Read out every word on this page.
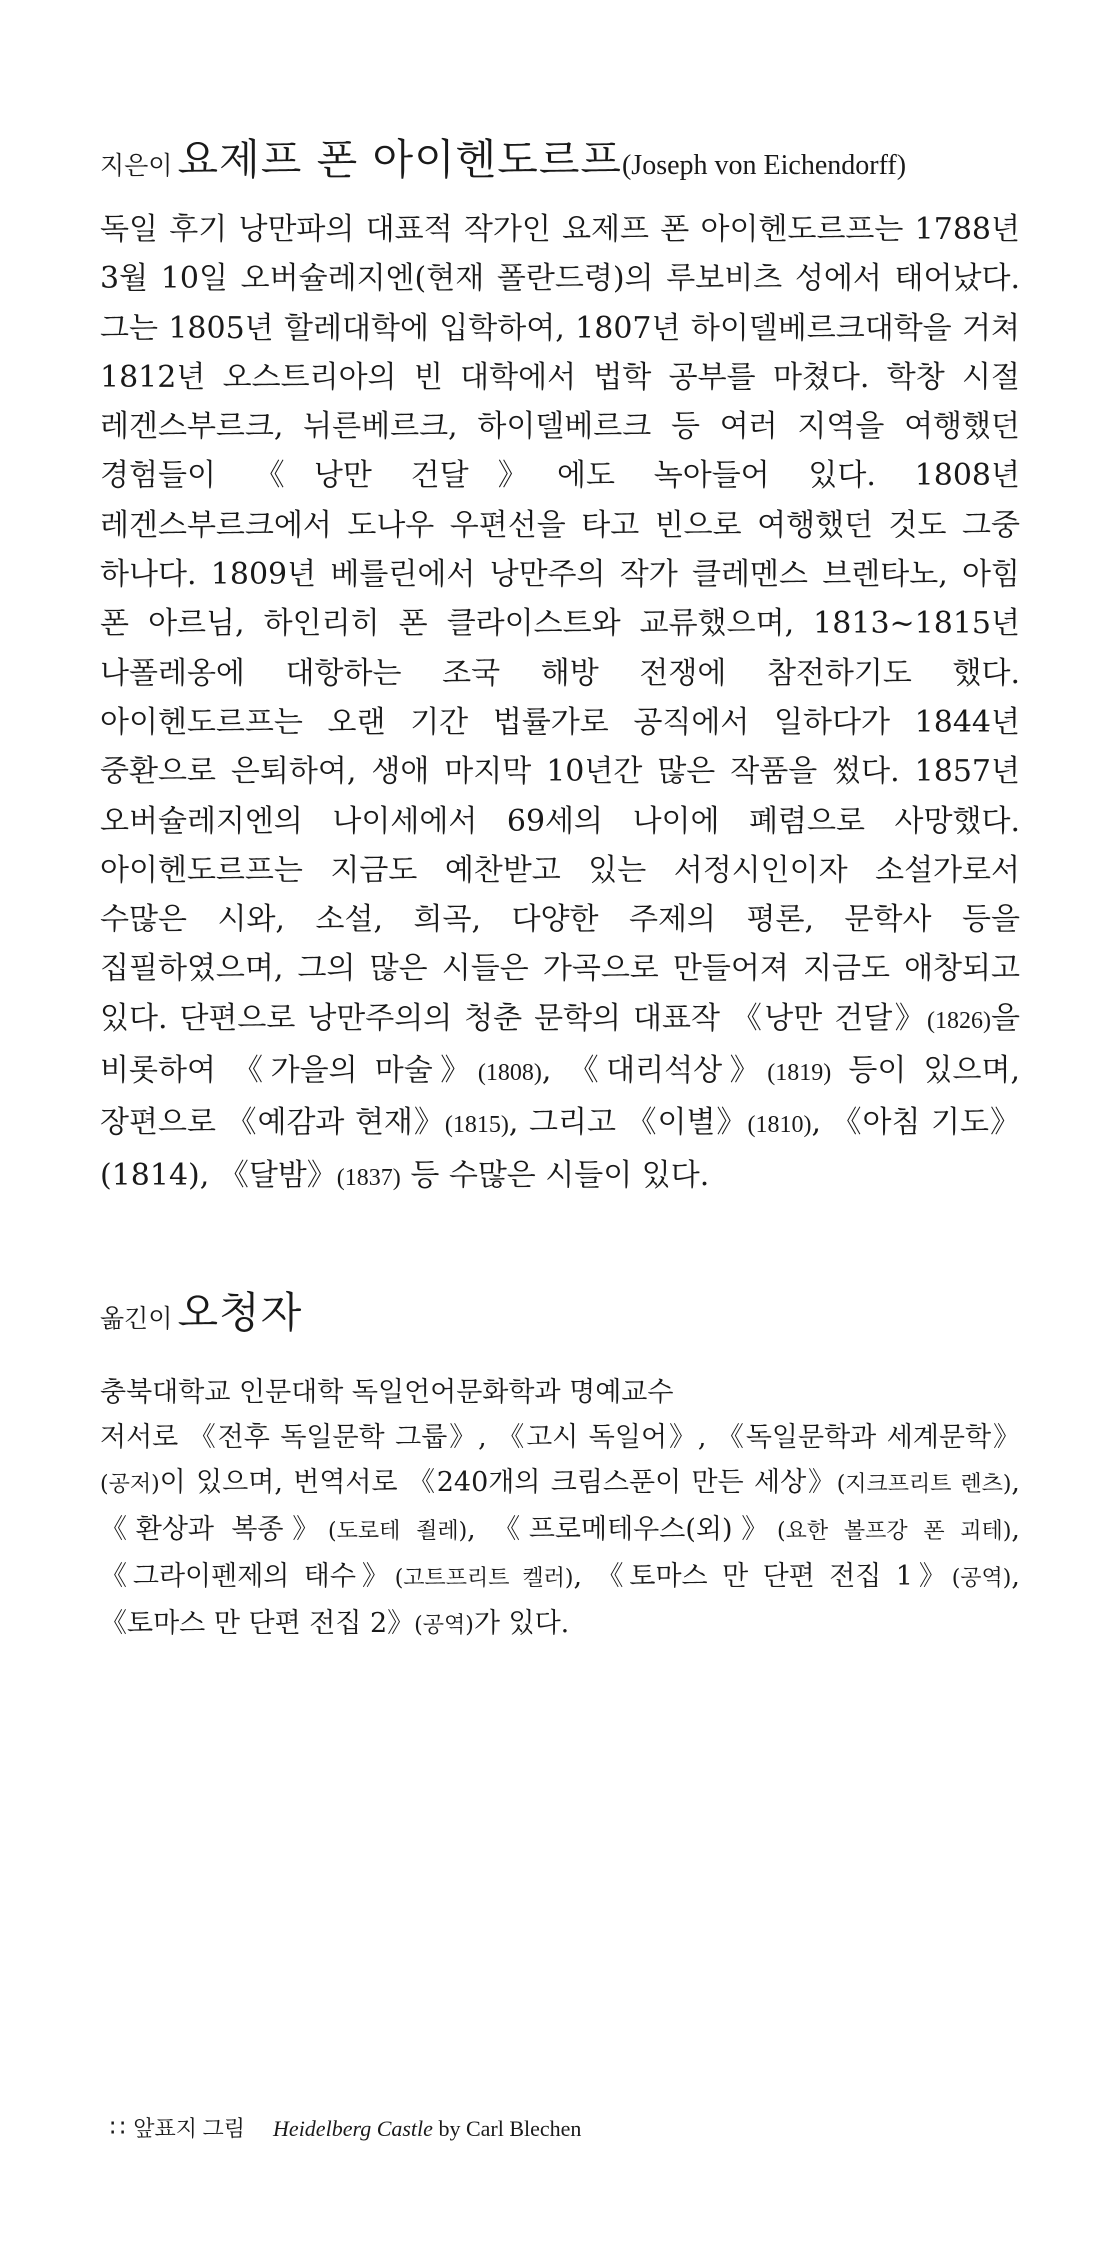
지은이 요제프 폰 아이헨도르프(Joseph von Eichendorff)

독일 후기 낭만파의 대표적 작가인 요제프 폰 아이헨도르프는 1788년 3월 10일 오버슐레지엔(현재 폴란드령)의 루보비츠 성에서 태어났다. 그는 1805년 할레대학에 입학하여, 1807년 하이델베르크대학을 거쳐 1812년 오스트리아의 빈 대학에서 법학 공부를 마쳤다. 학창 시절 레겐스부르크, 뉘른베르크, 하이델베르크 등 여러 지역을 여행했던 경험들이 《낭만 건달》에도 녹아들어 있다. 1808년 레겐스부르크에서 도나우 우편선을 타고 빈으로 여행했던 것도 그중 하나다. 1809년 베를린에서 낭만주의 작가 클레멘스 브렌타노, 아힘 폰 아르님, 하인리히 폰 클라이스트와 교류했으며, 1813~1815년 나폴레옹에 대항하는 조국 해방 전쟁에 참전하기도 했다. 아이헨도르프는 오랜 기간 법률가로 공직에서 일하다가 1844년 중환으로 은퇴하여, 생애 마지막 10년간 많은 작품을 썼다. 1857년 오버슐레지엔의 나이세에서 69세의 나이에 폐렴으로 사망했다. 아이헨도르프는 지금도 예찬받고 있는 서정시인이자 소설가로서 수많은 시와, 소설, 희곡, 다양한 주제의 평론, 문학사 등을 집필하였으며, 그의 많은 시들은 가곡으로 만들어져 지금도 애창되고 있다. 단편으로 낭만주의의 청춘 문학의 대표작 《낭만 건달》(1826)을 비롯하여 《가을의 마술》(1808), 《대리석상》(1819) 등이 있으며, 장편으로 《예감과 현재》(1815), 그리고 《이별》(1810), 《아침 기도》(1814), 《달밤》(1837) 등 수많은 시들이 있다.

옮긴이 오청자

충북대학교 인문대학 독일언어문화학과 명예교수

저서로 《전후 독일문학 그룹》, 《고시 독일어》, 《독일문학과 세계문학》(공저)이 있으며, 번역서로 《240개의 크림스푼이 만든 세상》(지크프리트 렌츠), 《환상과 복종》(도로테 죌레), 《프로메테우스(외)》(요한 볼프강 폰 괴테), 《그라이펜제의 태수》(고트프리트 켈러), 《토마스 만 단편 전집 1》(공역), 《토마스 만 단편 전집 2》(공역)가 있다.

∷ 앞표지 그림 Heidelberg Castle by Carl Blechen
